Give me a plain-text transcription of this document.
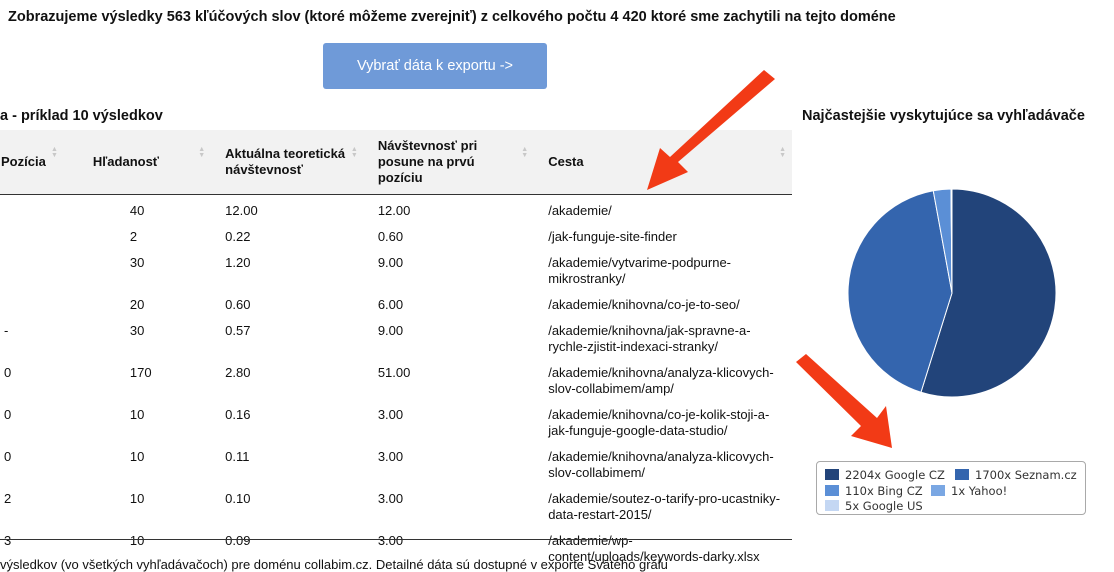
Zobrazujeme výsledky 563 kľúčových slov (ktoré môžeme zverejniť) z celkového počtu 4 420 ktoré sme zachytili na tejto doméne
Vybrať dáta k exportu ->
a - príklad 10 výsledkov
Pozícia
▲
▼	Hľadanosť
▲
▼	Aktuálna teoretická návštevnosť
▲
▼	Návštevnosť pri posune na prvú pozíciu
▲
▼	Cesta
▲
▼

	40	12.00	12.00	/akademie/
	2	0.22	0.60	/jak-funguje-site-finder
	30	1.20	9.00	/akademie/vytvarime-podpurne-mikrostranky/
	20	0.60	6.00	/akademie/knihovna/co-je-to-seo/
-	30	0.57	9.00	/akademie/knihovna/jak-spravne-a-rychle-zjistit-indexaci-stranky/
0	170	2.80	51.00	/akademie/knihovna/analyza-klicovych-slov-collabimem/amp/
0	10	0.16	3.00	/akademie/knihovna/co-je-kolik-stoji-a-jak-funguje-google-data-studio/
0	10	0.11	3.00	/akademie/knihovna/analyza-klicovych-slov-collabimem/
2	10	0.10	3.00	/akademie/soutez-o-tarify-pro-ucastniky-data-restart-2015/
3	10	0.09	3.00	/akademie/wp-content/uploads/keywords-darky.xlsx
výsledkov (vo všetkých vyhľadávačoch) pre doménu collabim.cz. Detailné dáta sú dostupné v exporte Svätého grálu
Najčastejšie vyskytujúce sa vyhľadávače
2204x Google CZ	1700x Seznam.cz
110x Bing CZ	1x Yahoo!
5x Google US
